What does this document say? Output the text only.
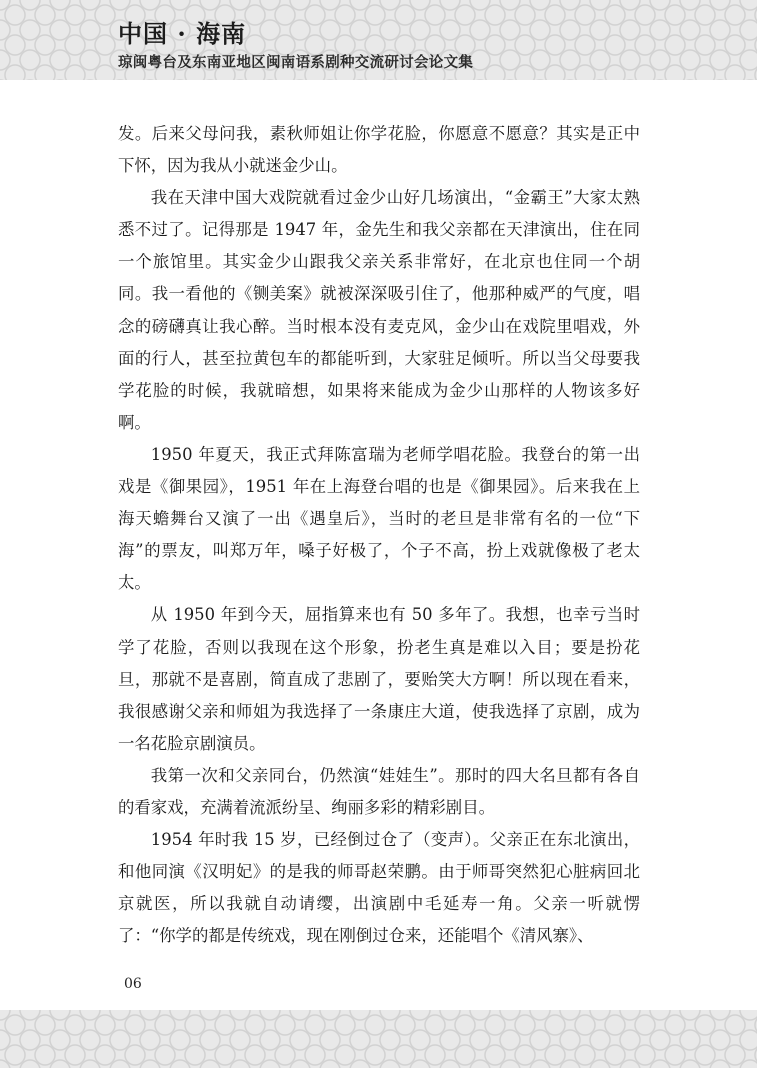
中国 · 海南
琼闽粤台及东南亚地区闽南语系剧种交流研讨会论文集

发。后来父母问我，素秋师姐让你学花脸，你愿意不愿意？其实是正中下怀，因为我从小就迷金少山。

我在天津中国大戏院就看过金少山好几场演出，“金霸王”大家太熟悉不过了。记得那是 1947 年，金先生和我父亲都在天津演出，住在同一个旅馆里。其实金少山跟我父亲关系非常好，在北京也住同一个胡同。我一看他的《铡美案》就被深深吸引住了，他那种威严的气度，唱念的磅礴真让我心醉。当时根本没有麦克风，金少山在戏院里唱戏，外面的行人，甚至拉黄包车的都能听到，大家驻足倾听。所以当父母要我学花脸的时候，我就暗想，如果将来能成为金少山那样的人物该多好啊。

1950 年夏天，我正式拜陈富瑞为老师学唱花脸。我登台的第一出戏是《御果园》，1951 年在上海登台唱的也是《御果园》。后来我在上海天蟾舞台又演了一出《遇皇后》，当时的老旦是非常有名的一位“下海”的票友，叫郑万年，嗓子好极了，个子不高，扮上戏就像极了老太太。

从 1950 年到今天，屈指算来也有 50 多年了。我想，也幸亏当时学了花脸，否则以我现在这个形象，扮老生真是难以入目；要是扮花旦，那就不是喜剧，简直成了悲剧了，要贻笑大方啊！所以现在看来，我很感谢父亲和师姐为我选择了一条康庄大道，使我选择了京剧，成为一名花脸京剧演员。

我第一次和父亲同台，仍然演“娃娃生”。那时的四大名旦都有各自的看家戏，充满着流派纷呈、绚丽多彩的精彩剧目。

1954 年时我 15 岁，已经倒过仓了（变声）。父亲正在东北演出，和他同演《汉明妃》的是我的师哥赵荣鹏。由于师哥突然犯心脏病回北京就医，所以我就自动请缨，出演剧中毛延寿一角。父亲一听就愣了：“你学的都是传统戏，现在刚倒过仓来，还能唱个《清风寨》、

06
